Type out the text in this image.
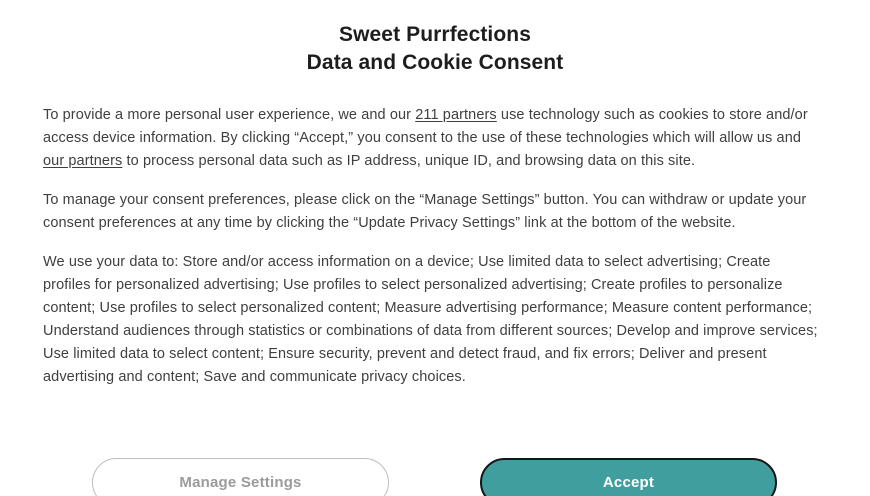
Sweet Purrfections
Data and Cookie Consent

To provide a more personal user experience, we and our 211 partners use technology such as cookies to store and/or access device information. By clicking “Accept,” you consent to the use of these technologies which will allow us and our partners to process personal data such as IP address, unique ID, and browsing data on this site.

To manage your consent preferences, please click on the “Manage Settings” button. You can withdraw or update your consent preferences at any time by clicking the “Update Privacy Settings” link at the bottom of the website.

We use your data to: Store and/or access information on a device; Use limited data to select advertising; Create profiles for personalized advertising; Use profiles to select personalized advertising; Create profiles to personalize content; Use profiles to select personalized content; Measure advertising performance; Measure content performance; Understand audiences through statistics or combinations of data from different sources; Develop and improve services; Use limited data to select content; Ensure security, prevent and detect fraud, and fix errors; Deliver and present advertising and content; Save and communicate privacy choices.

Manage Settings	Accept
